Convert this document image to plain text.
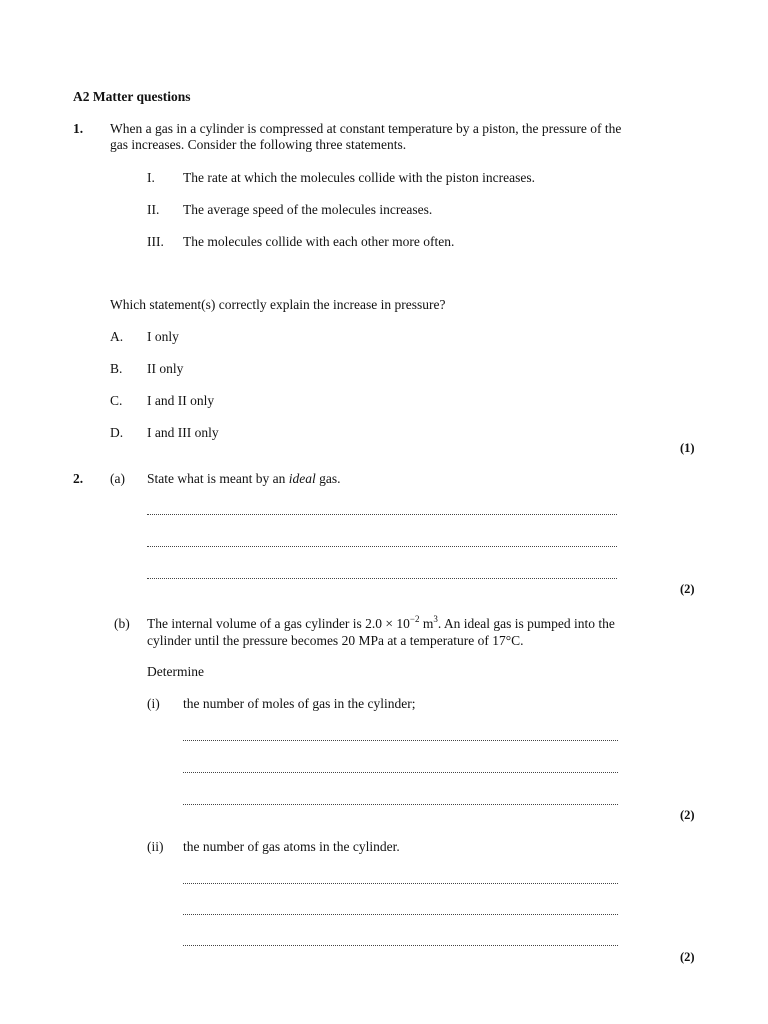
A2 Matter questions
1. When a gas in a cylinder is compressed at constant temperature by a piston, the pressure of the
gas increases. Consider the following three statements.
I. The rate at which the molecules collide with the piston increases.
II. The average speed of the molecules increases.
III. The molecules collide with each other more often.
Which statement(s) correctly explain the increase in pressure?
A. I only
B. II only
C. I and II only
D. I and III only
(1)
2. (a) State what is meant by an ideal gas.
(2)
(b) The internal volume of a gas cylinder is $2.0 \times 10^{-2}$ $m^3$. An ideal gas is pumped into the
cylinder until the pressure becomes 20 MPa at a temperature of 17°C.
Determine
(i) the number of moles of gas in the cylinder;
(2)
(ii) the number of gas atoms in the cylinder.
(2)
